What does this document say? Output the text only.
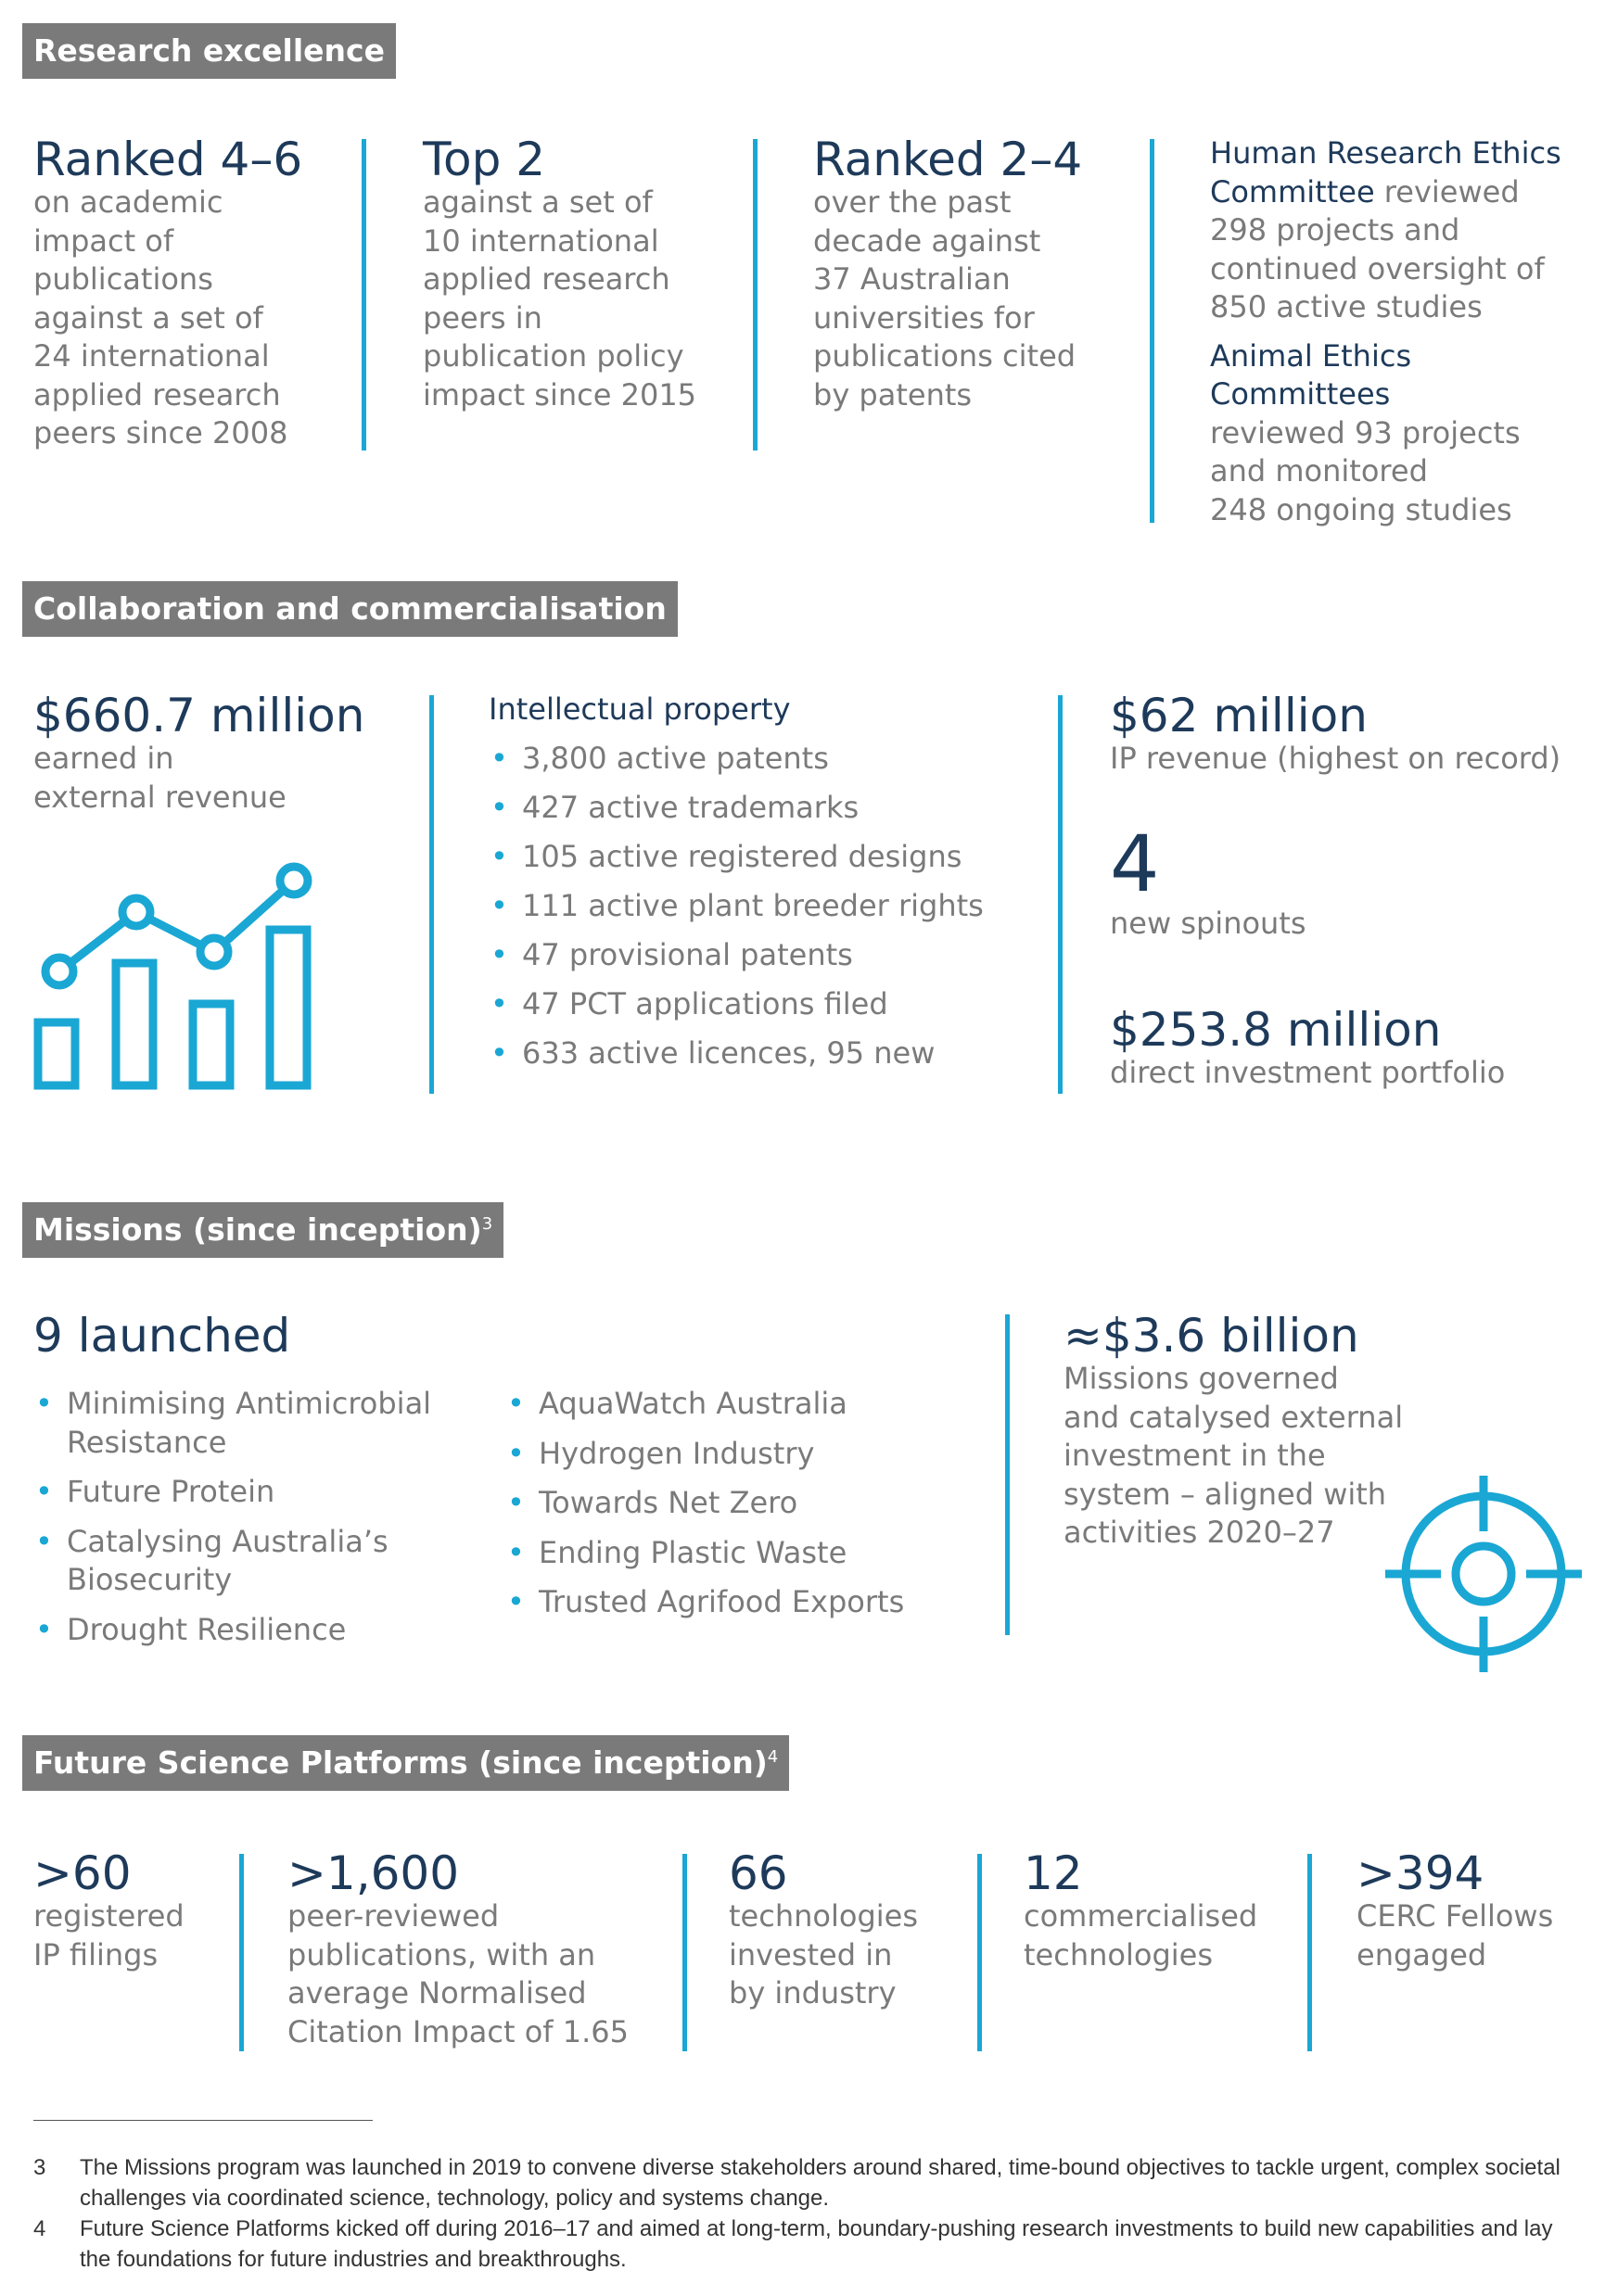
Research excellence
Ranked 4–6
on academic
impact of
publications
against a set of
24 international
applied research
peers since 2008
Top 2
against a set of
10 international
applied research
peers in
publication policy
impact since 2015
Ranked 2–4
over the past
decade against
37 Australian
universities for
publications cited
by patents
Human Research Ethics
Committee reviewed
298 projects and
continued oversight of
850 active studies
Animal Ethics
Committees
reviewed 93 projects
and monitored
248 ongoing studies
Collaboration and commercialisation
$660.7 million
earned in
external revenue
Intellectual property
• 3,800 active patents
• 427 active trademarks
• 105 active registered designs
• 111 active plant breeder rights
• 47 provisional patents
• 47 PCT applications filed
• 633 active licences, 95 new
$62 million
IP revenue (highest on record)
4
new spinouts
$253.8 million
direct investment portfolio
Missions (since inception)$^3$
9 launched
• Minimising Antimicrobial
Resistance
• Future Protein
• Catalysing Australia’s
Biosecurity
• Drought Resilience
• AquaWatch Australia
• Hydrogen Industry
• Towards Net Zero
• Ending Plastic Waste
• Trusted Agrifood Exports
≈$3.6 billion
Missions governed
and catalysed external
investment in the
system – aligned with
activities 2020–27
Future Science Platforms (since inception)$^4$
>60
registered
IP filings
>1,600
peer-reviewed
publications, with an
average Normalised
Citation Impact of 1.65
66
technologies
invested in
by industry
12
commercialised
technologies
>394
CERC Fellows
engaged
3 The Missions program was launched in 2019 to convene diverse stakeholders around shared, time-bound objectives to tackle urgent, complex societal challenges via coordinated science, technology, policy and systems change.
4 Future Science Platforms kicked off during 2016–17 and aimed at long-term, boundary-pushing research investments to build new capabilities and lay the foundations for future industries and breakthroughs.
